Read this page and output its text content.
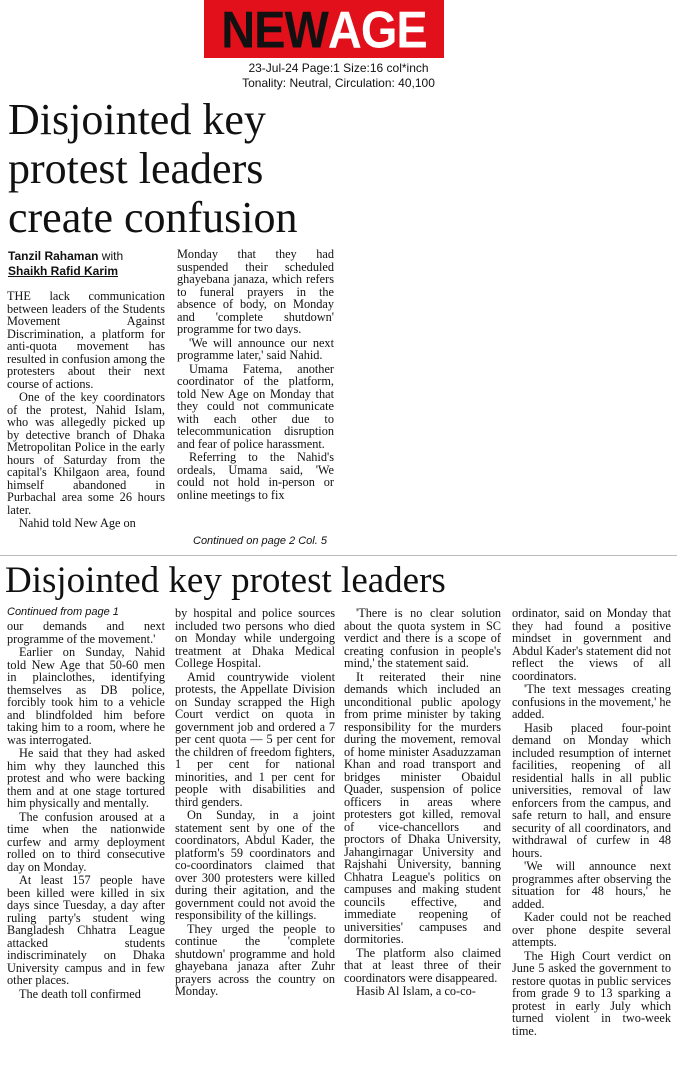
NEW AGE
23-Jul-24 Page:1 Size:16 col*inch
Tonality: Neutral, Circulation: 40,100
Disjointed key protest leaders create confusion
Tanzil Rahaman with
Shaikh Rafid Karim

THE lack communication between leaders of the Students Movement Against Discrimination, a platform for anti-quota movement has resulted in confusion among the protesters about their next course of actions.

One of the key coordinators of the protest, Nahid Islam, who was allegedly picked up by detective branch of Dhaka Metropolitan Police in the early hours of Saturday from the capital's Khilgaon area, found himself abandoned in Purbachal area some 26 hours later.

Nahid told New Age on

Monday that they had suspended their scheduled ghayebana janaza, which refers to funeral prayers in the absence of body, on Monday and 'complete shutdown' programme for two days.

'We will announce our next programme later,' said Nahid.

Umama Fatema, another coordinator of the platform, told New Age on Monday that they could not communicate with each other due to telecommunication disruption and fear of police harassment.

Referring to the Nahid's ordeals, Umama said, 'We could not hold in-person or online meetings to fix

Continued on page 2 Col. 5
Disjointed key protest leaders
Continued from page 1

our demands and next programme of the movement.'

Earlier on Sunday, Nahid told New Age that 50-60 men in plainclothes, identifying themselves as DB police, forcibly took him to a vehicle and blindfolded him before taking him to a room, where he was interrogated.

He said that they had asked him why they launched this protest and who were backing them and at one stage tortured him physically and mentally.

The confusion aroused at a time when the nationwide curfew and army deployment rolled on to third consecutive day on Monday.

At least 157 people have been killed were killed in six days since Tuesday, a day after ruling party's student wing Bangladesh Chhatra League attacked students indiscriminately on Dhaka University campus and in few other places.

The death toll confirmed

by hospital and police sources included two persons who died on Monday while undergoing treatment at Dhaka Medical College Hospital.

Amid countrywide violent protests, the Appellate Division on Sunday scrapped the High Court verdict on quota in government job and ordered a 7 per cent quota — 5 per cent for the children of freedom fighters, 1 per cent for national minorities, and 1 per cent for people with disabilities and third genders.

On Sunday, in a joint statement sent by one of the coordinators, Abdul Kader, the platform's 59 coordinators and co-coordinators claimed that over 300 protesters were killed during their agitation, and the government could not avoid the responsibility of the killings.

They urged the people to continue the 'complete shutdown' programme and hold ghayebana janaza after Zuhr prayers across the country on Monday.

'There is no clear solution about the quota system in SC verdict and there is a scope of creating confusion in people's mind,' the statement said.

It reiterated their nine demands which included an unconditional public apology from prime minister by taking responsibility for the murders during the movement, removal of home minister Asaduzzaman Khan and road transport and bridges minister Obaidul Quader, suspension of police officers in areas where protesters got killed, removal of vice-chancellors and proctors of Dhaka University, Jahangirnagar University and Rajshahi University, banning Chhatra League's politics on campuses and making student councils effective, and immediate reopening of universities' campuses and dormitories.

The platform also claimed that at least three of their coordinators were disappeared.

Hasib Al Islam, a co-co-

ordinator, said on Monday that they had found a positive mindset in government and Abdul Kader's statement did not reflect the views of all coordinators.

'The text messages creating confusions in the movement,' he added.

Hasib placed four-point demand on Monday which included resumption of internet facilities, reopening of all residential halls in all public universities, removal of law enforcers from the campus, and safe return to hall, and ensure security of all coordinators, and withdrawal of curfew in 48 hours.

'We will announce next programmes after observing the situation for 48 hours,' he added.

Kader could not be reached over phone despite several attempts.

The High Court verdict on June 5 asked the government to restore quotas in public services from grade 9 to 13 sparking a protest in early July which turned violent in two-week time.
